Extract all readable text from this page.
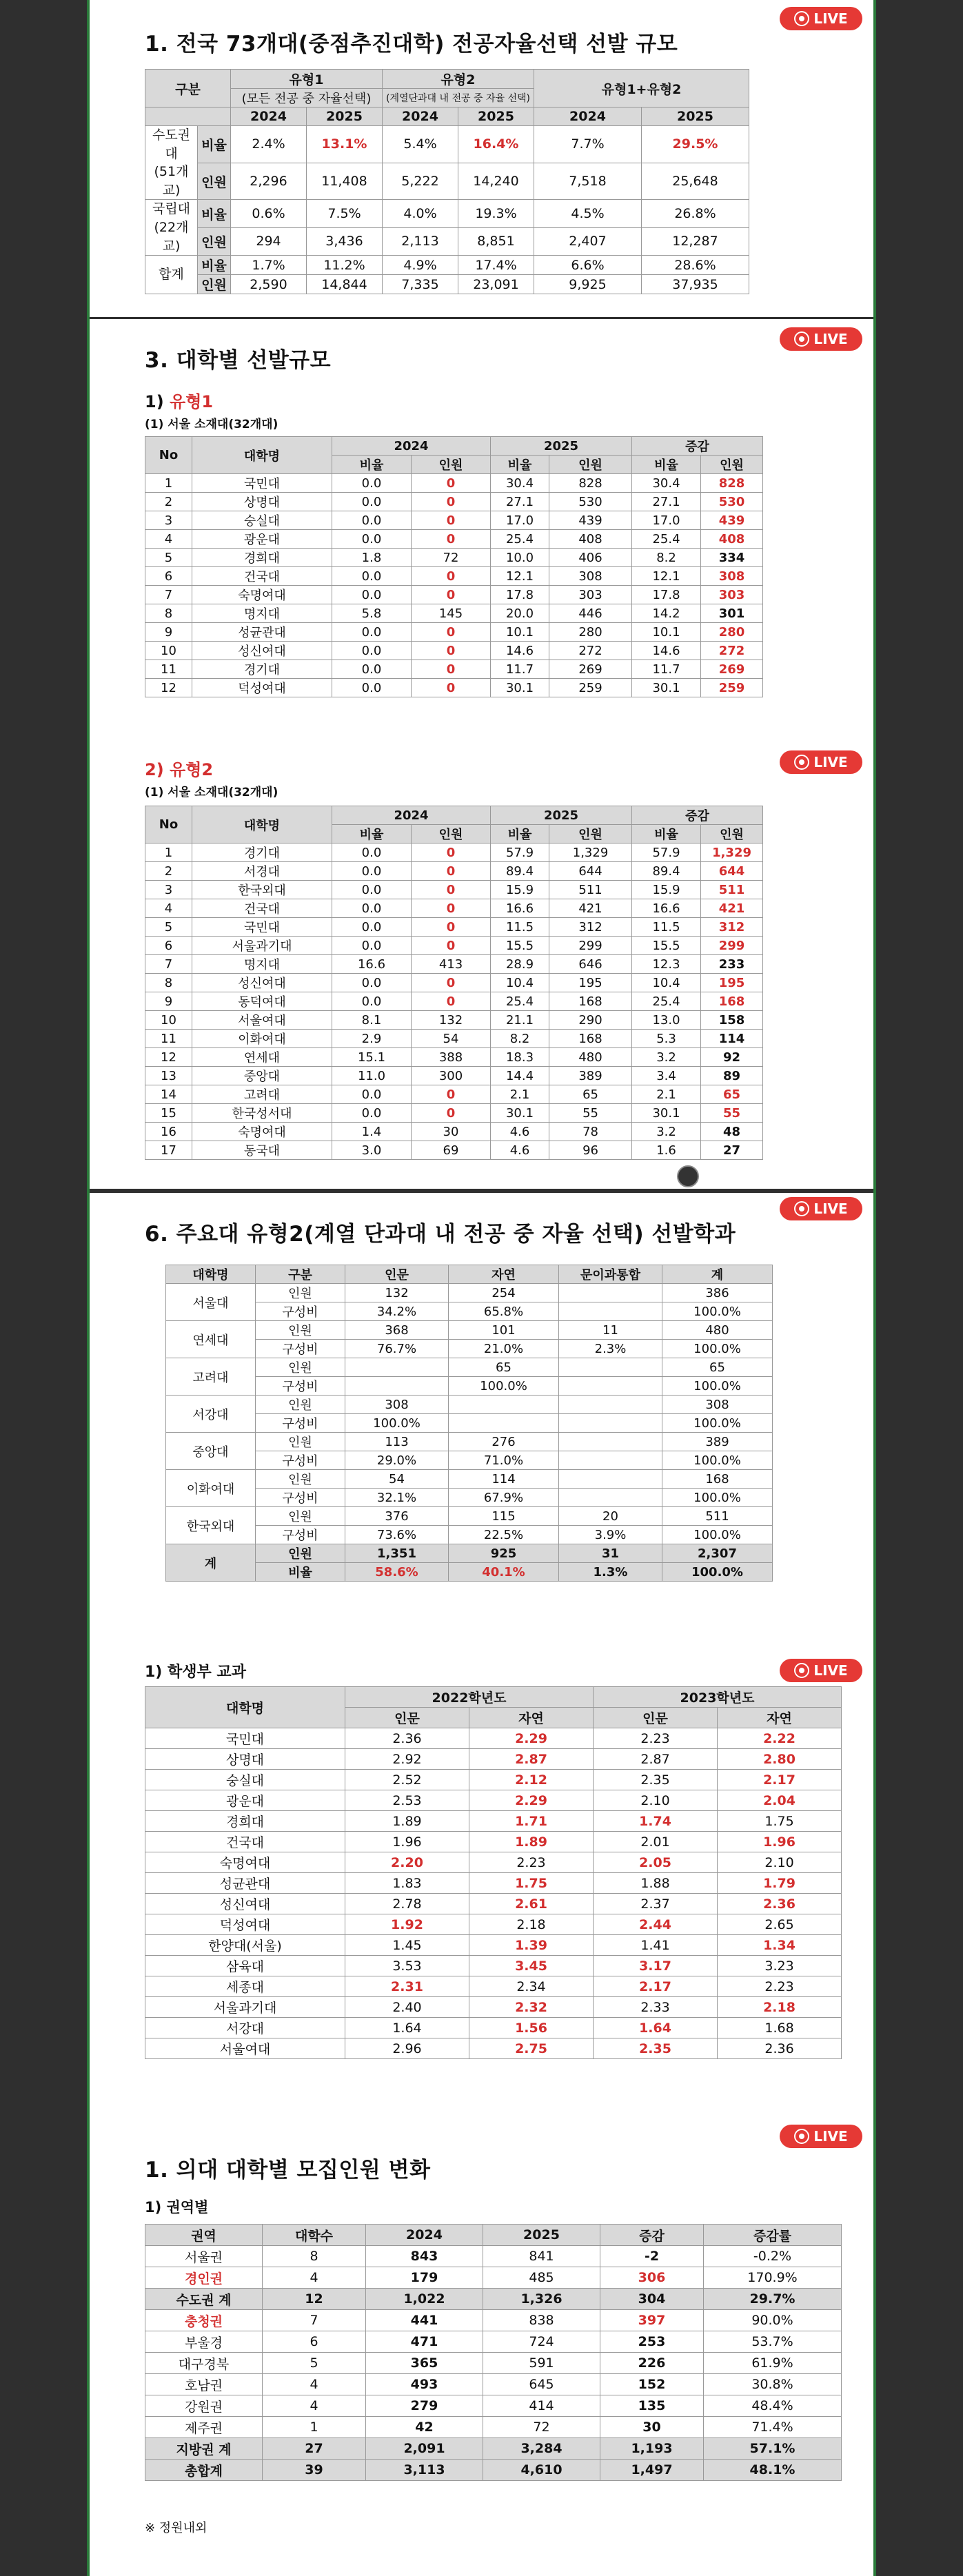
LIVE
1. 전국 73개대(중점추진대학) 전공자율선택 선발 규모
구분		유형1		유형2		유형1+유형2	
		(모든 전공 중 자율선택)		(계열단과대 내 전공 중 자율 선택)			
		2024	2025	2024	2025	2024	2025

수도권대
(51개교)	비율	2.4%	13.1%	5.4%	16.4%	7.7%	29.5%
	인원	2,296	11,408	5,222	14,240	7,518	25,648

국립대
(22개교)	비율	0.6%	7.5%	4.0%	19.3%	4.5%	26.8%
	인원	294	3,436	2,113	8,851	2,407	12,287

합계	비율	1.7%	11.2%	4.9%	17.4%	6.6%	28.6%
	인원	2,590	14,844	7,335	23,091	9,925	37,935
LIVE
3. 대학별 선발규모
1) 유형1
(1) 서울 소재대(32개대)
No	대학명	2024		2025		증감	
		비율	인원	비율	인원	비율	인원
1	국민대	0.0	0	30.4	828	30.4	828
2	상명대	0.0	0	27.1	530	27.1	530
3	숭실대	0.0	0	17.0	439	17.0	439
4	광운대	0.0	0	25.4	408	25.4	408
5	경희대	1.8	72	10.0	406	8.2	334
6	건국대	0.0	0	12.1	308	12.1	308
7	숙명여대	0.0	0	17.8	303	17.8	303
8	명지대	5.8	145	20.0	446	14.2	301
9	성균관대	0.0	0	10.1	280	10.1	280
10	성신여대	0.0	0	14.6	272	14.6	272
11	경기대	0.0	0	11.7	269	11.7	269
12	덕성여대	0.0	0	30.1	259	30.1	259
LIVE
2) 유형2
(1) 서울 소재대(32개대)
No	대학명	2024		2025		증감	
		비율	인원	비율	인원	비율	인원
1	경기대	0.0	0	57.9	1,329	57.9	1,329
2	서경대	0.0	0	89.4	644	89.4	644
3	한국외대	0.0	0	15.9	511	15.9	511
4	건국대	0.0	0	16.6	421	16.6	421
5	국민대	0.0	0	11.5	312	11.5	312
6	서울과기대	0.0	0	15.5	299	15.5	299
7	명지대	16.6	413	28.9	646	12.3	233
8	성신여대	0.0	0	10.4	195	10.4	195
9	동덕여대	0.0	0	25.4	168	25.4	168
10	서울여대	8.1	132	21.1	290	13.0	158
11	이화여대	2.9	54	8.2	168	5.3	114
12	연세대	15.1	388	18.3	480	3.2	92
13	중앙대	11.0	300	14.4	389	3.4	89
14	고려대	0.0	0	2.1	65	2.1	65
15	한국성서대	0.0	0	30.1	55	30.1	55
16	숙명여대	1.4	30	4.6	78	3.2	48
17	동국대	3.0	69	4.6	96	1.6	27
LIVE
6. 주요대 유형2(계열 단과대 내 전공 중 자율 선택) 선발학과
대학명	구분	인문	자연	문이과통합	계
서울대	인원	132	254		386
	구성비	34.2%	65.8%		100.0%
연세대	인원	368	101	11	480
	구성비	76.7%	21.0%	2.3%	100.0%
고려대	인원		65		65
	구성비		100.0%		100.0%
서강대	인원	308			308
	구성비	100.0%			100.0%
중앙대	인원	113	276		389
	구성비	29.0%	71.0%		100.0%
이화여대	인원	54	114		168
	구성비	32.1%	67.9%		100.0%
한국외대	인원	376	115	20	511
	구성비	73.6%	22.5%	3.9%	100.0%
계	인원	1,351	925	31	2,307
	비율	58.6%	40.1%	1.3%	100.0%
LIVE
1) 학생부 교과
대학명	2022학년도		2023학년도	
	인문	자연	인문	자연
국민대	2.36	2.29	2.23	2.22
상명대	2.92	2.87	2.87	2.80
숭실대	2.52	2.12	2.35	2.17
광운대	2.53	2.29	2.10	2.04
경희대	1.89	1.71	1.74	1.75
건국대	1.96	1.89	2.01	1.96
숙명여대	2.20	2.23	2.05	2.10
성균관대	1.83	1.75	1.88	1.79
성신여대	2.78	2.61	2.37	2.36
덕성여대	1.92	2.18	2.44	2.65
한양대(서울)	1.45	1.39	1.41	1.34
삼육대	3.53	3.45	3.17	3.23
세종대	2.31	2.34	2.17	2.23
서울과기대	2.40	2.32	2.33	2.18
서강대	1.64	1.56	1.64	1.68
서울여대	2.96	2.75	2.35	2.36
LIVE
1. 의대 대학별 모집인원 변화
1) 권역별
권역	대학수	2024	2025	증감	증감률
서울권	8	843	841	-2	-0.2%
경인권	4	179	485	306	170.9%
수도권 계	12	1,022	1,326	304	29.7%
충청권	7	441	838	397	90.0%
부울경	6	471	724	253	53.7%
대구경북	5	365	591	226	61.9%
호남권	4	493	645	152	30.8%
강원권	4	279	414	135	48.4%
제주권	1	42	72	30	71.4%
지방권 계	27	2,091	3,284	1,193	57.1%
총합계	39	3,113	4,610	1,497	48.1%
※ 정원내외
